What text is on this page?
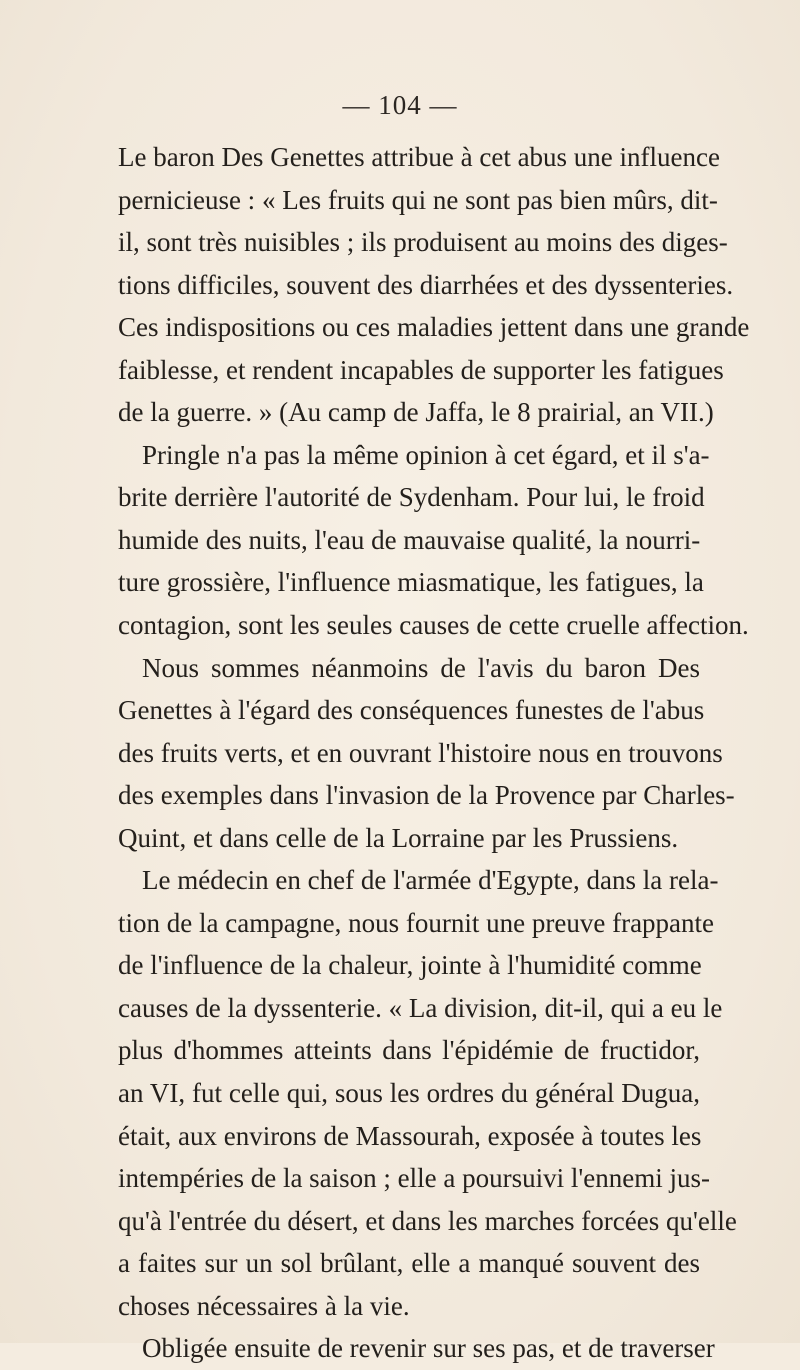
— 104 —
Le baron Des Genettes attribue à cet abus une influence
pernicieuse : « Les fruits qui ne sont pas bien mûrs, dit-
il, sont très nuisibles ; ils produisent au moins des diges-
tions difficiles, souvent des diarrhées et des dyssenteries.
Ces indispositions ou ces maladies jettent dans une grande
faiblesse, et rendent incapables de supporter les fatigues
de la guerre. » (Au camp de Jaffa, le 8 prairial, an VII.)
Pringle n'a pas la même opinion à cet égard, et il s'a-
brite derrière l'autorité de Sydenham. Pour lui, le froid
humide des nuits, l'eau de mauvaise qualité, la nourri-
ture grossière, l'influence miasmatique, les fatigues, la
contagion, sont les seules causes de cette cruelle affection.
Nous sommes néanmoins de l'avis du baron Des
Genettes à l'égard des conséquences funestes de l'abus
des fruits verts, et en ouvrant l'histoire nous en trouvons
des exemples dans l'invasion de la Provence par Charles-
Quint, et dans celle de la Lorraine par les Prussiens.
Le médecin en chef de l'armée d'Egypte, dans la rela-
tion de la campagne, nous fournit une preuve frappante
de l'influence de la chaleur, jointe à l'humidité comme
causes de la dyssenterie. « La division, dit-il, qui a eu le
plus d'hommes atteints dans l'épidémie de fructidor,
an VI, fut celle qui, sous les ordres du général Dugua,
était, aux environs de Massourah, exposée à toutes les
intempéries de la saison ; elle a poursuivi l'ennemi jus-
qu'à l'entrée du désert, et dans les marches forcées qu'elle
a faites sur un sol brûlant, elle a manqué souvent des
choses nécessaires à la vie.
Obligée ensuite de revenir sur ses pas, et de traverser
